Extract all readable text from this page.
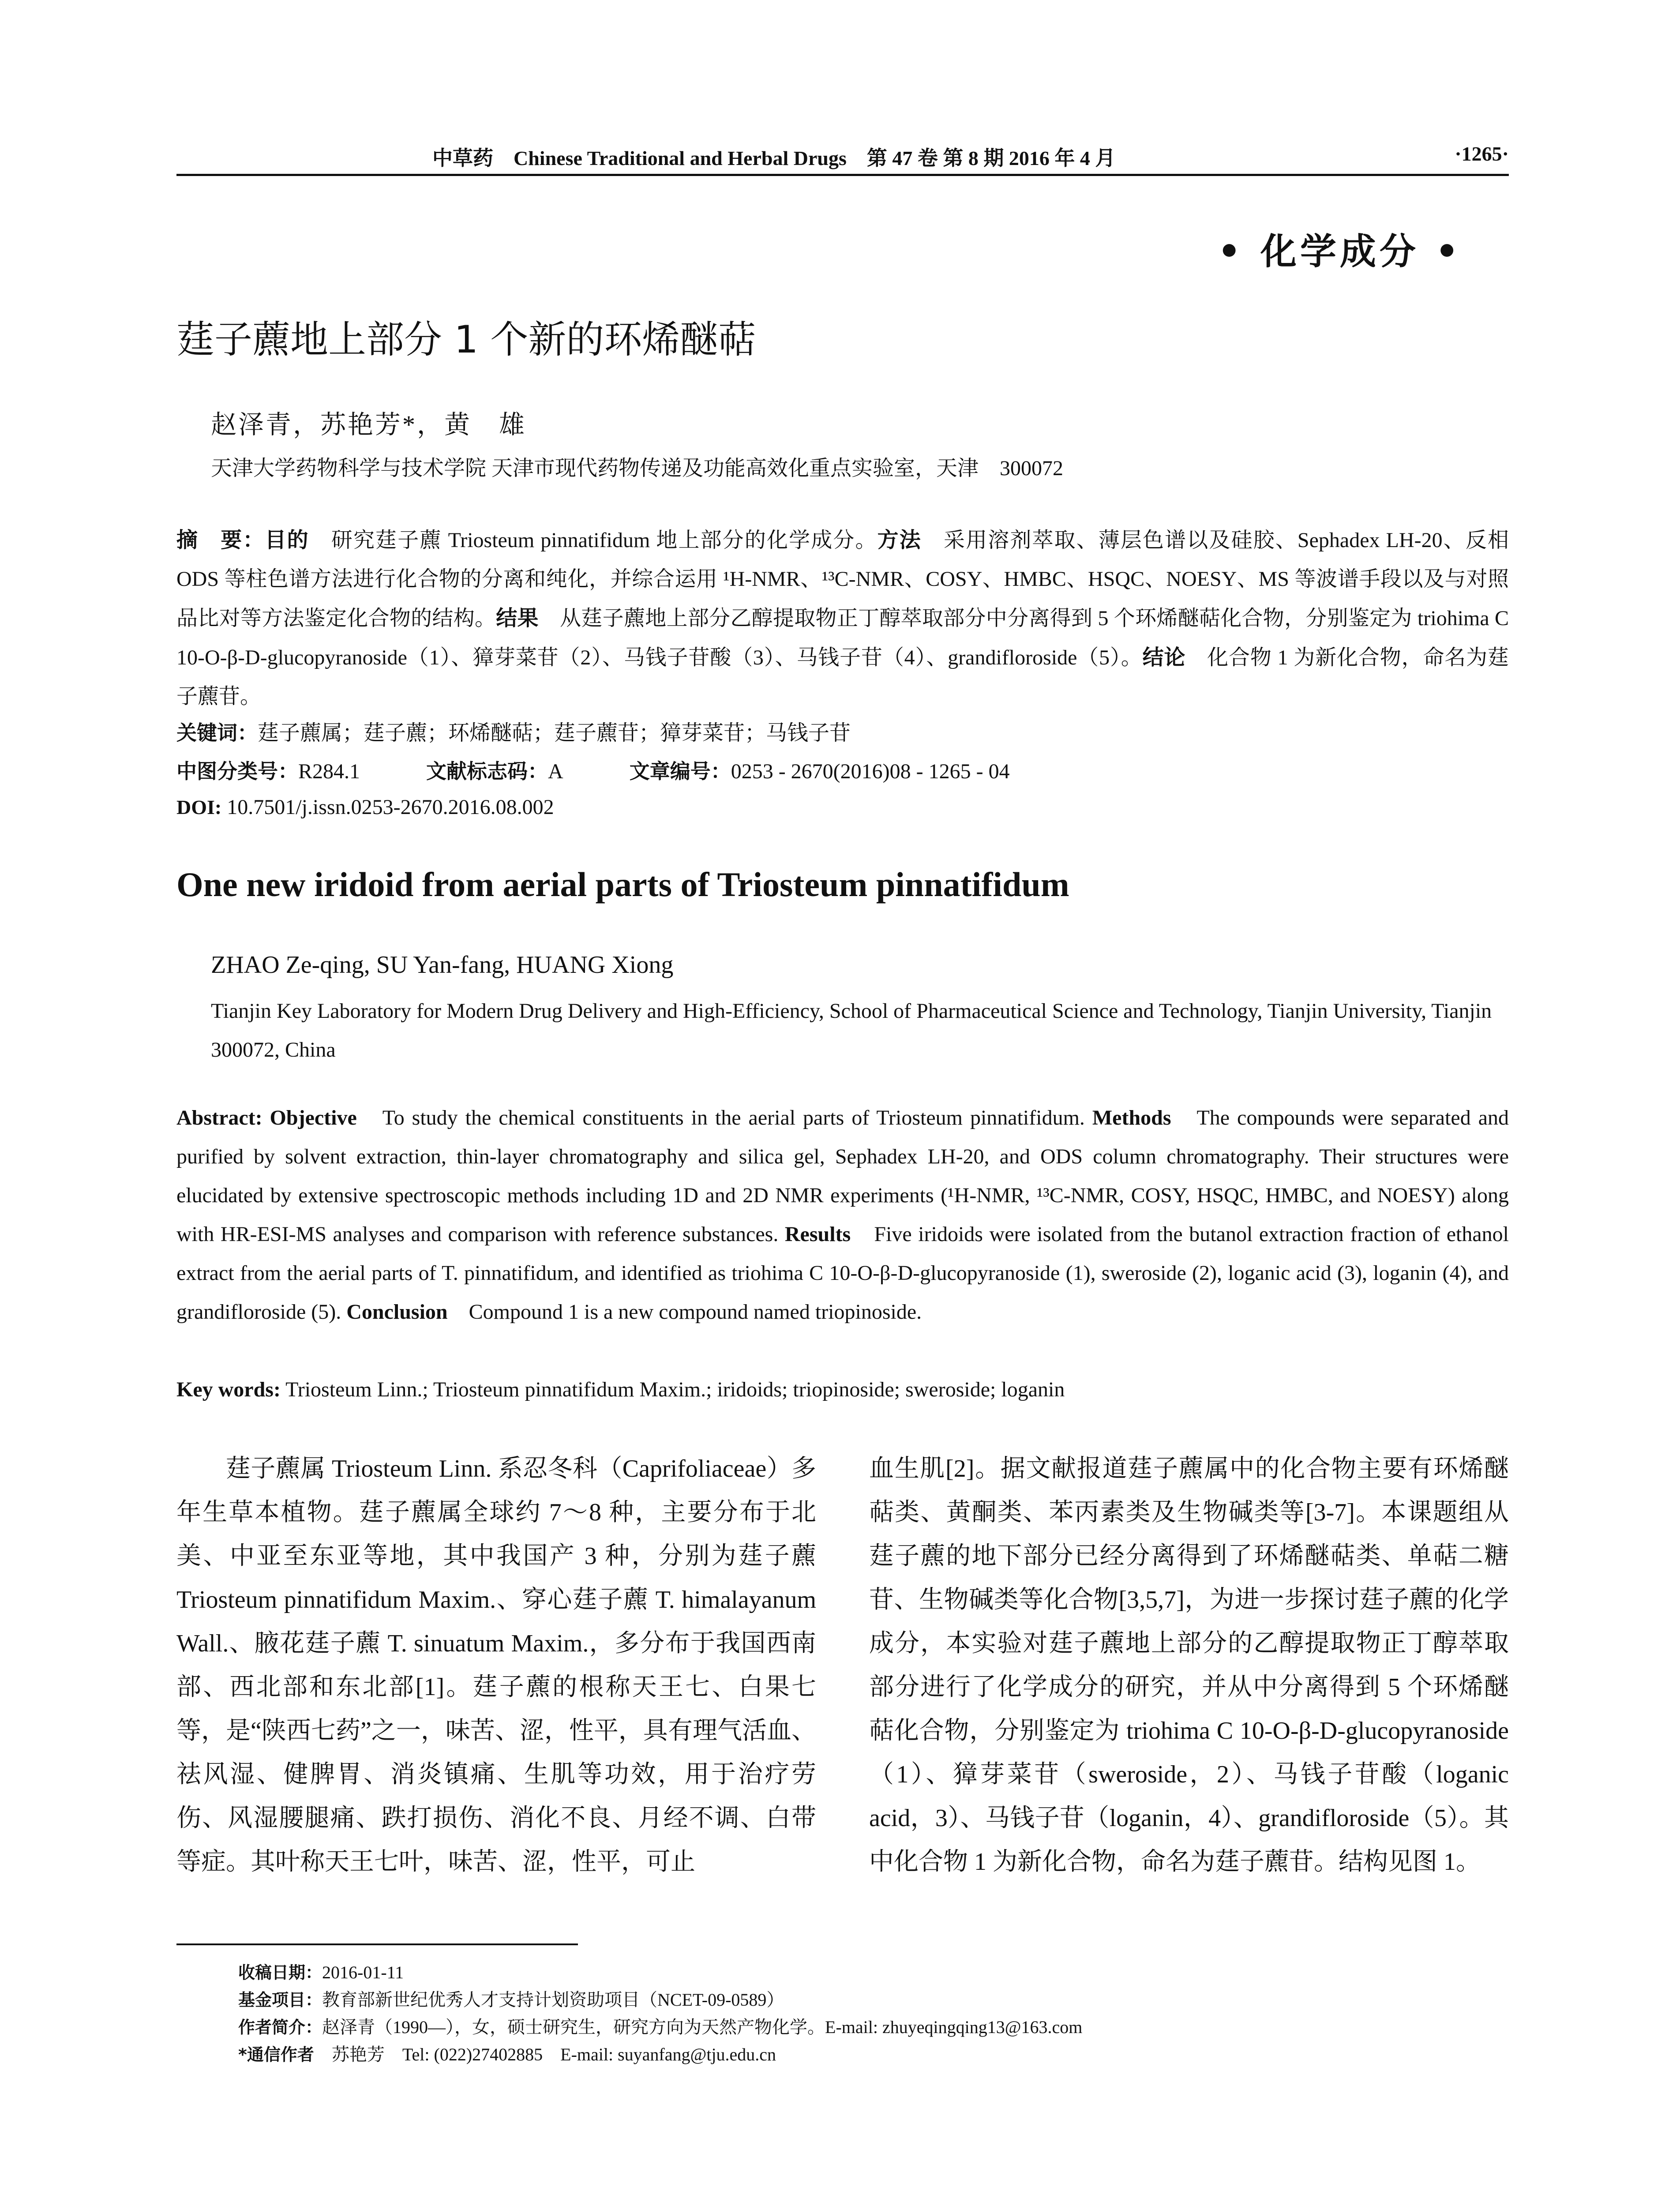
中草药　Chinese Traditional and Herbal Drugs　第 47 卷 第 8 期 2016 年 4 月	·1265·
• 化学成分 •
莛子藨地上部分 1 个新的环烯醚萜
赵泽青，苏艳芳*，黄　雄
天津大学药物科学与技术学院 天津市现代药物传递及功能高效化重点实验室，天津　300072
摘　要：目的　研究莛子藨 Triosteum pinnatifidum 地上部分的化学成分。方法　采用溶剂萃取、薄层色谱以及硅胶、Sephadex LH-20、反相 ODS 等柱色谱方法进行化合物的分离和纯化，并综合运用 ¹H-NMR、¹³C-NMR、COSY、HMBC、HSQC、NOESY、MS 等波谱手段以及与对照品比对等方法鉴定化合物的结构。结果　从莛子藨地上部分乙醇提取物正丁醇萃取部分中分离得到 5 个环烯醚萜化合物，分别鉴定为 triohima C 10-O-β-D-glucopyranoside（1）、獐芽菜苷（2）、马钱子苷酸（3）、马钱子苷（4）、grandifloroside（5）。结论　化合物 1 为新化合物，命名为莛子藨苷。
关键词：莛子藨属；莛子藨；环烯醚萜；莛子藨苷；獐芽菜苷；马钱子苷
中图分类号：R284.1	文献标志码：A	文章编号：0253 - 2670(2016)08 - 1265 - 04
DOI: 10.7501/j.issn.0253-2670.2016.08.002
One new iridoid from aerial parts of Triosteum pinnatifidum
ZHAO Ze-qing, SU Yan-fang, HUANG Xiong
Tianjin Key Laboratory for Modern Drug Delivery and High-Efficiency, School of Pharmaceutical Science and Technology, Tianjin University, Tianjin 300072, China
Abstract: Objective　To study the chemical constituents in the aerial parts of Triosteum pinnatifidum. Methods　The compounds were separated and purified by solvent extraction, thin-layer chromatography and silica gel, Sephadex LH-20, and ODS column chromatography. Their structures were elucidated by extensive spectroscopic methods including 1D and 2D NMR experiments (¹H-NMR, ¹³C-NMR, COSY, HSQC, HMBC, and NOESY) along with HR-ESI-MS analyses and comparison with reference substances. Results　Five iridoids were isolated from the butanol extraction fraction of ethanol extract from the aerial parts of T. pinnatifidum, and identified as triohima C 10-O-β-D-glucopyranoside (1), sweroside (2), loganic acid (3), loganin (4), and grandifloroside (5). Conclusion　Compound 1 is a new compound named triopinoside.
Key words: Triosteum Linn.; Triosteum pinnatifidum Maxim.; iridoids; triopinoside; sweroside; loganin
莛子藨属 Triosteum Linn. 系忍冬科（Caprifoliaceae）多年生草本植物。莛子藨属全球约 7～8 种，主要分布于北美、中亚至东亚等地，其中我国产 3 种，分别为莛子藨 Triosteum pinnatifidum Maxim.、穿心莛子藨 T. himalayanum Wall.、腋花莛子藨 T. sinuatum Maxim.，多分布于我国西南部、西北部和东北部[1]。莛子藨的根称天王七、白果七等，是“陕西七药”之一，味苦、涩，性平，具有理气活血、祛风湿、健脾胃、消炎镇痛、生肌等功效，用于治疗劳伤、风湿腰腿痛、跌打损伤、消化不良、月经不调、白带等症。其叶称天王七叶，味苦、涩，性平，可止
血生肌[2]。据文献报道莛子藨属中的化合物主要有环烯醚萜类、黄酮类、苯丙素类及生物碱类等[3-7]。本课题组从莛子藨的地下部分已经分离得到了环烯醚萜类、单萜二糖苷、生物碱类等化合物[3,5,7]，为进一步探讨莛子藨的化学成分，本实验对莛子藨地上部分的乙醇提取物正丁醇萃取部分进行了化学成分的研究，并从中分离得到 5 个环烯醚萜化合物，分别鉴定为 triohima C 10-O-β-D-glucopyranoside（1）、獐芽菜苷（sweroside，2）、马钱子苷酸（loganic acid，3）、马钱子苷（loganin，4）、grandifloroside（5）。其中化合物 1 为新化合物，命名为莛子藨苷。结构见图 1。
收稿日期：2016-01-11
基金项目：教育部新世纪优秀人才支持计划资助项目（NCET-09-0589）
作者简介：赵泽青（1990—），女，硕士研究生，研究方向为天然产物化学。E-mail: zhuyeqingqing13@163.com
*通信作者　苏艳芳　Tel: (022)27402885　E-mail: suyanfang@tju.edu.cn
